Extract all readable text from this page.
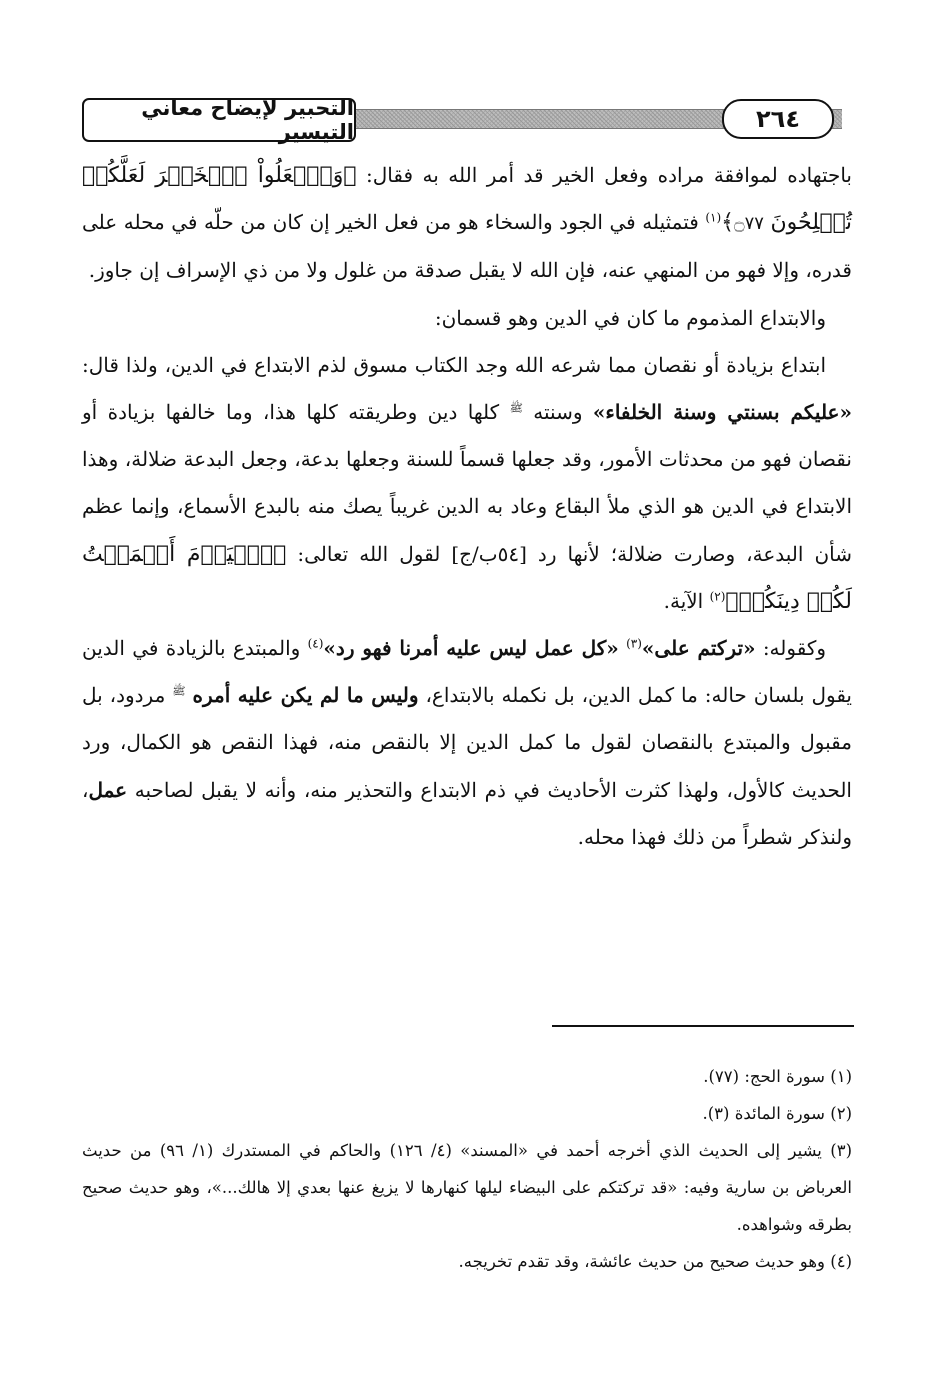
التحبير لإيضاح معاني التيسير	٢٦٤

باجتهاده لموافقة مراده وفعل الخير قد أمر الله به فقال: ﴿وَٱفۡعَلُواْ ٱلۡخَيۡرَ لَعَلَّكُمۡ تُفۡلِحُونَ ۝٧٧﴾$^{(١)}$ فتمثيله في الجود والسخاء هو من فعل الخير إن كان من حلّه في محله على قدره، وإلا فهو من المنهي عنه، فإن الله لا يقبل صدقة من غلول ولا من ذي الإسراف إن جاوز.

والابتداع المذموم ما كان في الدين وهو قسمان:

ابتداع بزيادة أو نقصان مما شرعه الله وجد الكتاب مسوق لذم الابتداع في الدين، ولذا قال: «عليكم بسنتي وسنة الخلفاء» وسنته $^ﷺ$ كلها دين وطريقته كلها هذا، وما خالفها بزيادة أو نقصان فهو من محدثات الأمور، وقد جعلها قسماً للسنة وجعلها بدعة، وجعل البدعة ضلالة، وهذا الابتداع في الدين هو الذي ملأ البقاع وعاد به الدين غريباً يصك منه بالبدع الأسماع، وإنما عظم شأن البدعة، وصارت ضلالة؛ لأنها رد [٥٤ب/ج] لقول الله تعالى: ﴿ٱلۡيَوۡمَ أَكۡمَلۡتُ لَكُمۡ دِينَكُمۡ﴾$^{(٢)}$ الآية.

وكقوله: «تركتم على»$^{(٣)}$ «كل عمل ليس عليه أمرنا فهو رد»$^{(٤)}$ والمبتدع بالزيادة في الدين يقول بلسان حاله: ما كمل الدين، بل نكمله بالابتداع، وليس ما لم يكن عليه أمره $^ﷺ$ مردود، بل مقبول والمبتدع بالنقصان لقول ما كمل الدين إلا بالنقص منه، فهذا النقص هو الكمال، ورد الحديث كالأول، ولهذا كثرت الأحاديث في ذم الابتداع والتحذير منه، وأنه لا يقبل لصاحبه عمل، ولنذكر شطراً من ذلك فهذا محله.

(١) سورة الحج: (٧٧).

(٢) سورة المائدة (٣).

(٣) يشير إلى الحديث الذي أخرجه أحمد في «المسند» (٤/ ١٢٦) والحاكم في المستدرك (١/ ٩٦) من حديث العرباض بن سارية وفيه: «قد تركتكم على البيضاء ليلها كنهارها لا يزيغ عنها بعدي إلا هالك...»، وهو حديث صحيح بطرقه وشواهده.

(٤) وهو حديث صحيح من حديث عائشة، وقد تقدم تخريجه.
